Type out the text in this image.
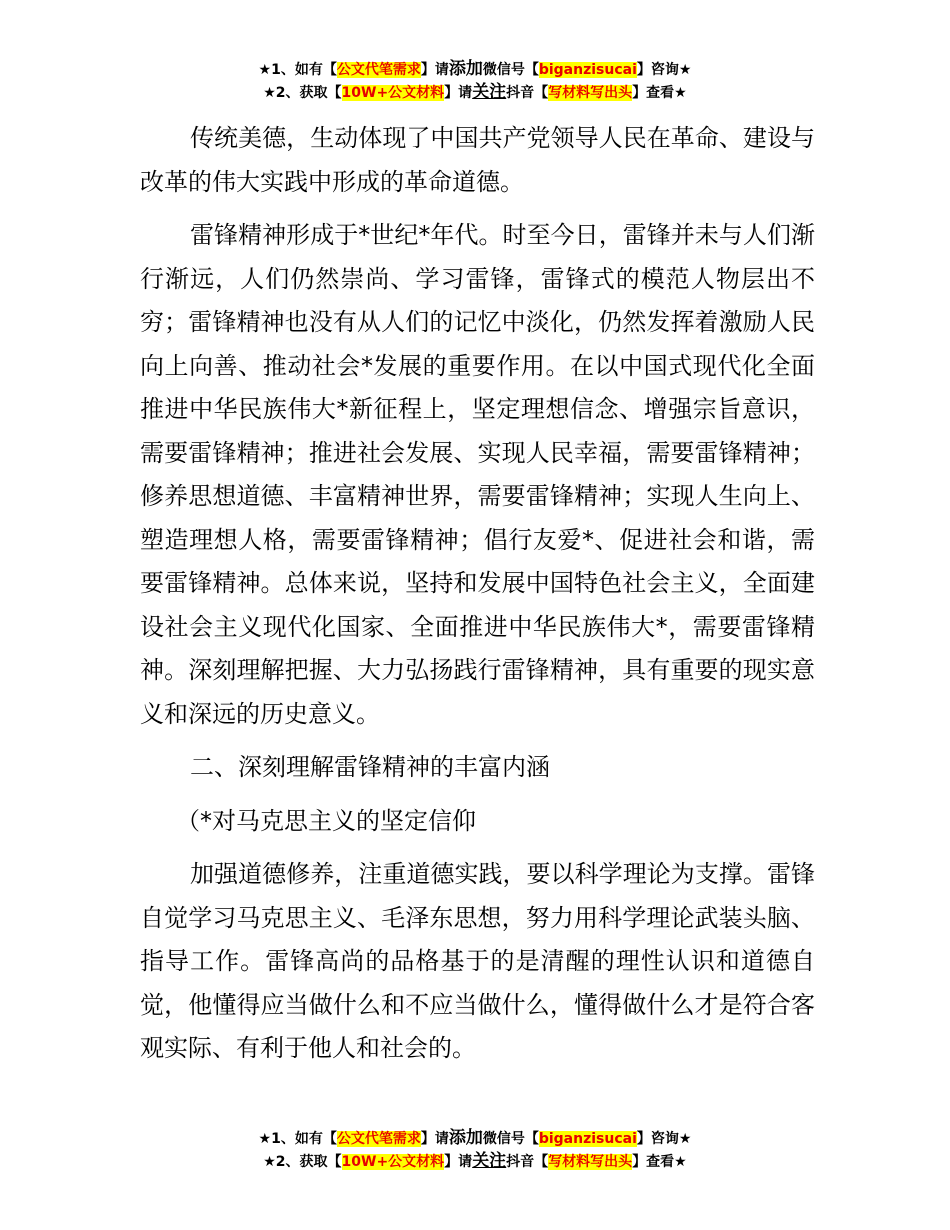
★1、如有【公文代笔需求】请添加微信号【biganzisucai】咨询★
★2、获取【10W+公文材料】请关注抖音【写材料写出头】查看★

传统美德，生动体现了中国共产党领导人民在革命、建设与改革的伟大实践中形成的革命道德。

雷锋精神形成于*世纪*年代。时至今日，雷锋并未与人们渐行渐远，人们仍然崇尚、学习雷锋，雷锋式的模范人物层出不穷；雷锋精神也没有从人们的记忆中淡化，仍然发挥着激励人民向上向善、推动社会*发展的重要作用。在以中国式现代化全面推进中华民族伟大*新征程上，坚定理想信念、增强宗旨意识，需要雷锋精神；推进社会发展、实现人民幸福，需要雷锋精神；修养思想道德、丰富精神世界，需要雷锋精神；实现人生向上、塑造理想人格，需要雷锋精神；倡行友爱*、促进社会和谐，需要雷锋精神。总体来说，坚持和发展中国特色社会主义，全面建设社会主义现代化国家、全面推进中华民族伟大*，需要雷锋精神。深刻理解把握、大力弘扬践行雷锋精神，具有重要的现实意义和深远的历史意义。

二、深刻理解雷锋精神的丰富内涵

（*对马克思主义的坚定信仰

加强道德修养，注重道德实践，要以科学理论为支撑。雷锋自觉学习马克思主义、毛泽东思想，努力用科学理论武装头脑、指导工作。雷锋高尚的品格基于的是清醒的理性认识和道德自觉，他懂得应当做什么和不应当做什么，懂得做什么才是符合客观实际、有利于他人和社会的。

★1、如有【公文代笔需求】请添加微信号【biganzisucai】咨询★
★2、获取【10W+公文材料】请关注抖音【写材料写出头】查看★
